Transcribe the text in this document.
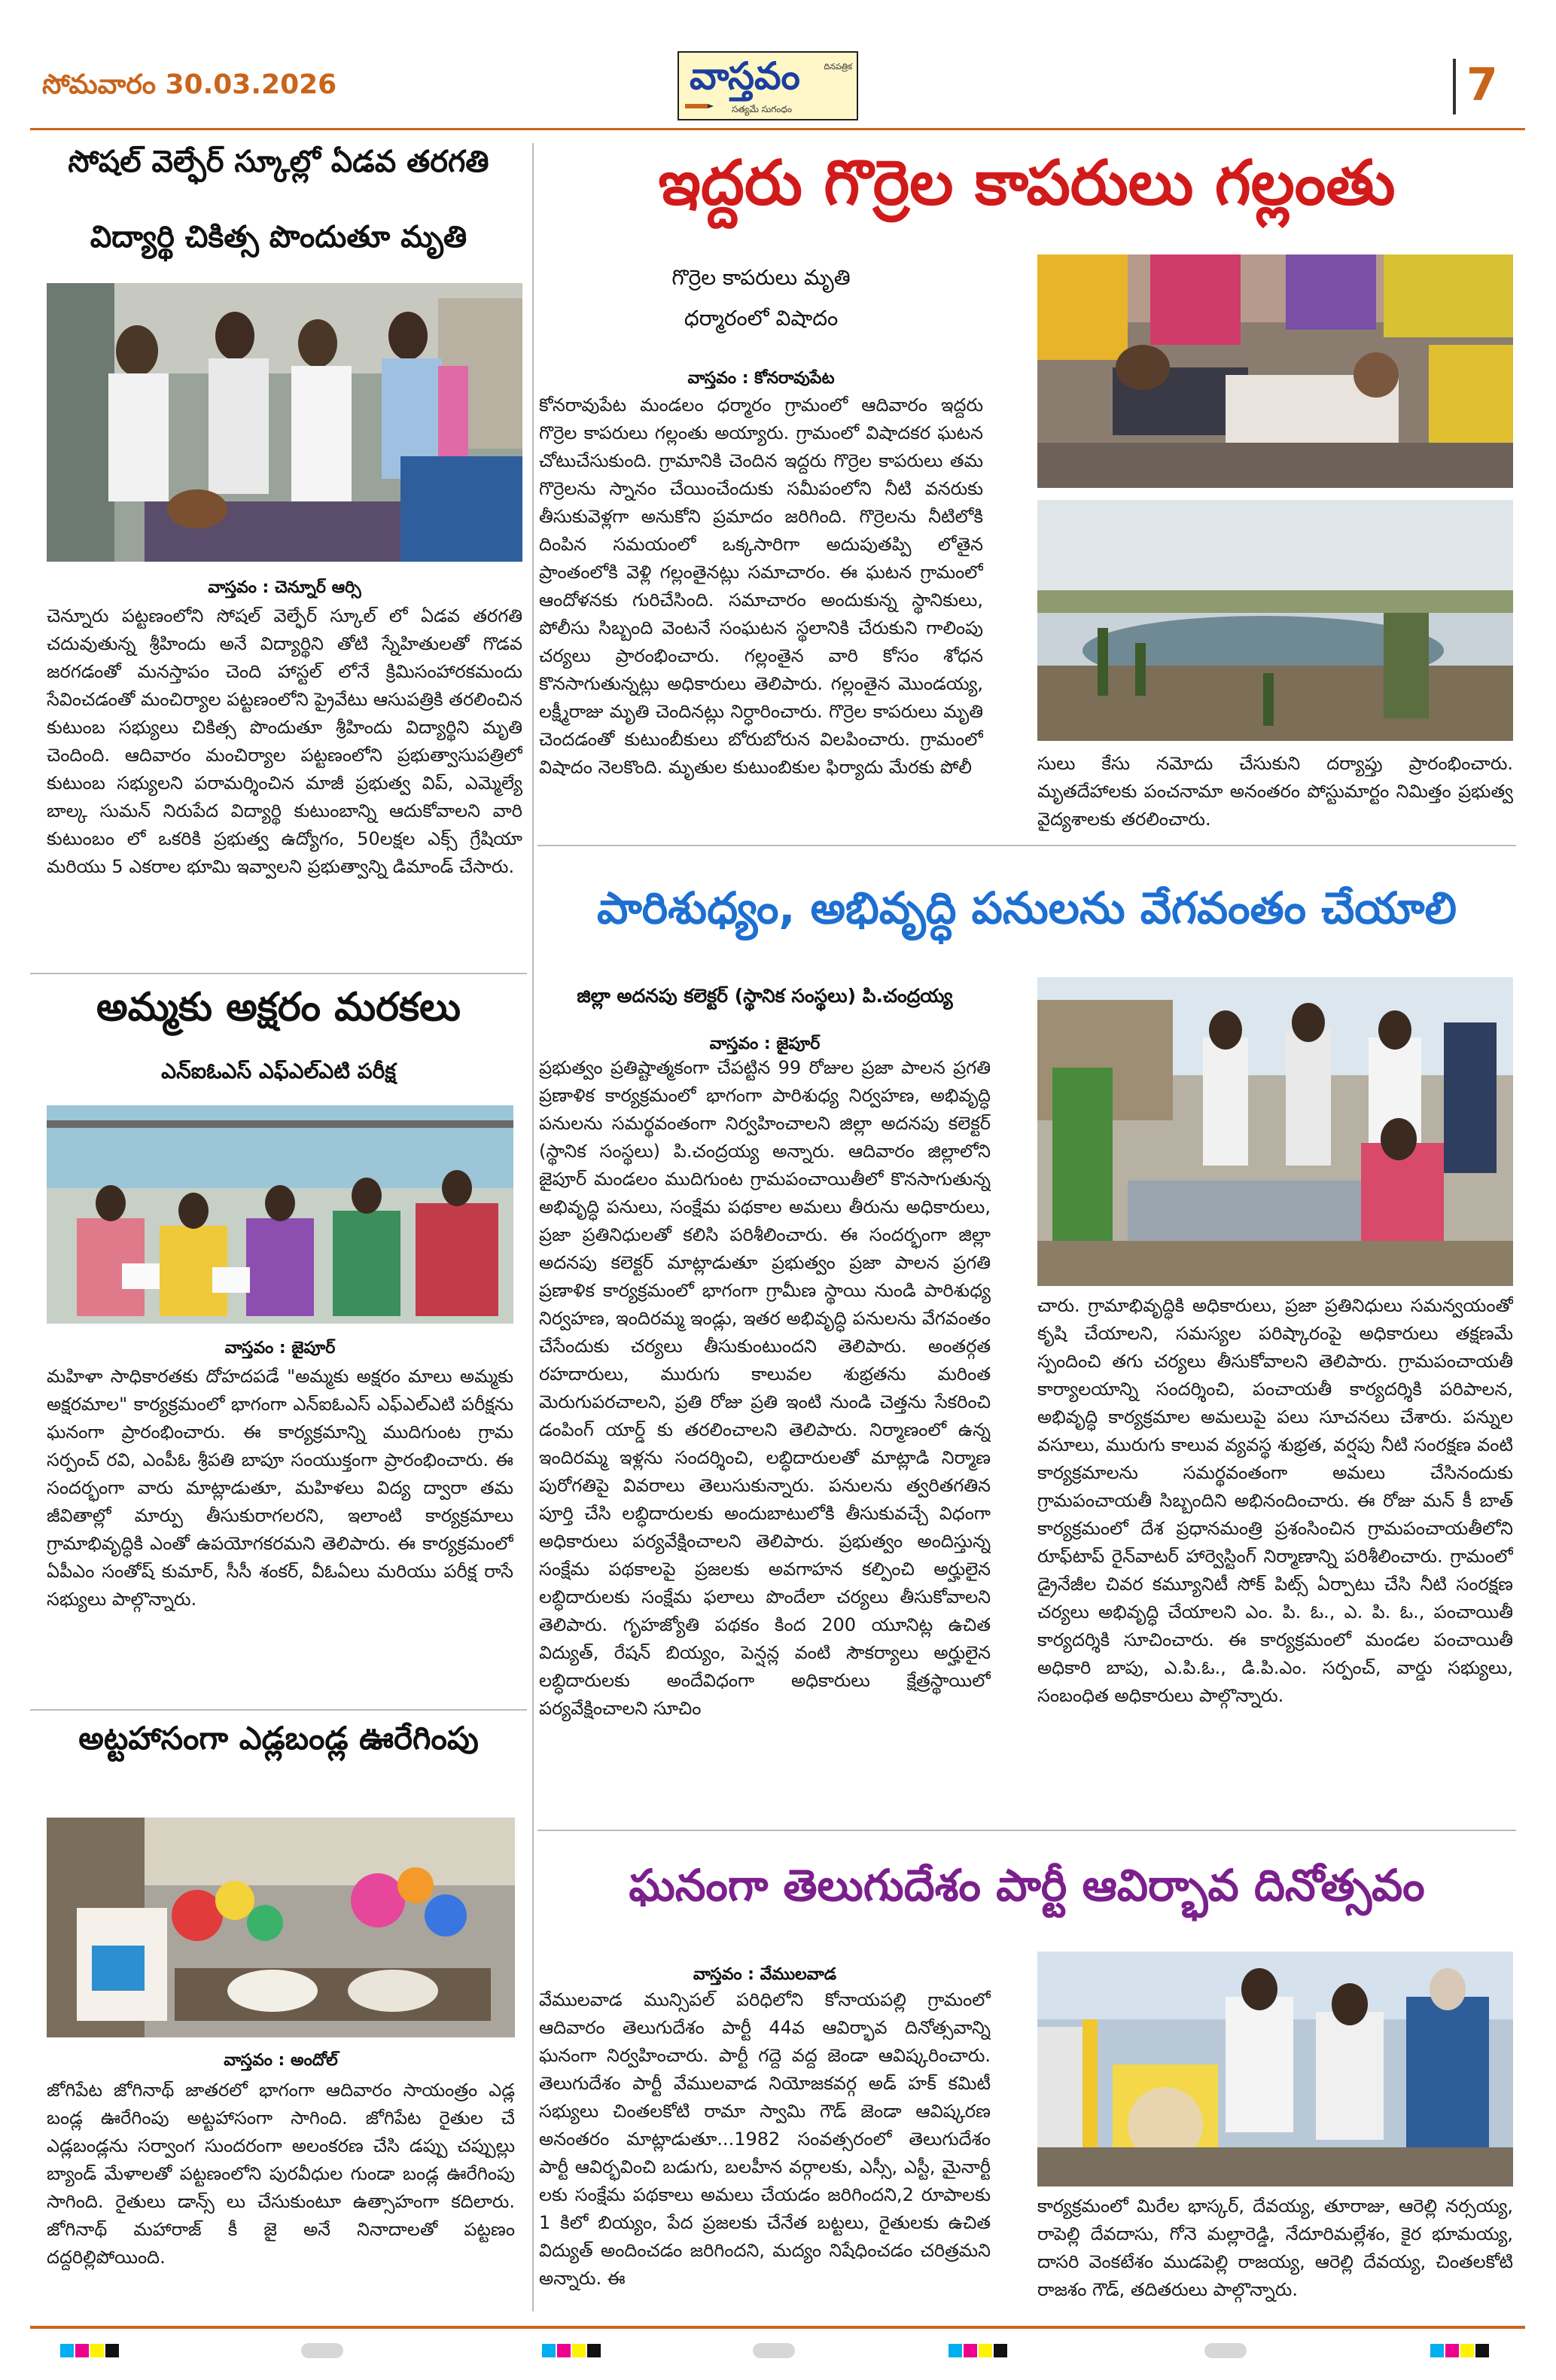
సోమవారం 30.03.2026	వాస్తవం	దినపత్రిక
సత్యమే సుగంధం	7
సోషల్ వెల్ఫేర్ స్కూల్లో ఏడవ తరగతి
విద్యార్థి చికిత్స పొందుతూ మృతి
వాస్తవం : చెన్నూర్ ఆర్సి
చెన్నూరు పట్టణంలోని సోషల్ వెల్ఫేర్ స్కూల్ లో ఏడవ తరగతి చదువుతున్న శ్రీహిందు అనే విద్యార్థిని తోటి స్నేహితులతో గొడవ జరగడంతో మనస్తాపం చెంది హాస్టల్ లోనే క్రిమిసంహారకమందు సేవించడంతో మంచిర్యాల పట్టణంలోని ప్రైవేటు ఆసుపత్రికి తరలించిన కుటుంబ సభ్యులు చికిత్స పొందుతూ శ్రీహిందు విద్యార్థిని మృతి చెందింది. ఆదివారం మంచిర్యాల పట్టణంలోని ప్రభుత్వాసుపత్రిలో కుటుంబ సభ్యులని పరామర్శించిన మాజీ ప్రభుత్వ విప్, ఎమ్మెల్యే బాల్క సుమన్ నిరుపేద విద్యార్థి కుటుంబాన్ని ఆదుకోవాలని వారి కుటుంబం లో ఒకరికి ప్రభుత్వ ఉద్యోగం, 50లక్షల ఎక్స్ గ్రేషియా మరియు 5 ఎకరాల భూమి ఇవ్వాలని ప్రభుత్వాన్ని డిమాండ్ చేసారు.
అమ్మకు అక్షరం మరకలు
ఎన్ఐఓఎస్ ఎఫ్ఎల్ఎటి పరీక్ష
వాస్తవం : జైపూర్
మహిళా సాధికారతకు దోహదపడే "అమ్మకు అక్షరం మాలు అమ్మకు అక్షరమాల" కార్యక్రమంలో భాగంగా ఎన్ఐఓఎస్ ఎఫ్ఎల్ఎటి పరీక్షను ఘనంగా ప్రారంభించారు. ఈ కార్యక్రమాన్ని ముదిగుంట గ్రామ సర్పంచ్ రవి, ఎంపీఓ శ్రీపతి బాపూ సంయుక్తంగా ప్రారంభించారు. ఈ సందర్భంగా వారు మాట్లాడుతూ, మహిళలు విద్య ద్వారా తమ జీవితాల్లో మార్పు తీసుకురాగలరని, ఇలాంటి కార్యక్రమాలు గ్రామాభివృద్ధికి ఎంతో ఉపయోగకరమని తెలిపారు. ఈ కార్యక్రమంలో ఏపీఎం సంతోష్ కుమార్, సీసీ శంకర్, వీఓఏలు మరియు పరీక్ష రాసే సభ్యులు పాల్గొన్నారు.
అట్టహాసంగా ఎడ్లబండ్ల ఊరేగింపు
వాస్తవం : అందోల్
జోగిపేట జోగినాథ్ జాతరలో భాగంగా ఆదివారం సాయంత్రం ఎడ్ల బండ్ల ఊరేగింపు అట్టహాసంగా సాగింది. జోగిపేట రైతుల చే ఎడ్లబండ్లను సర్వాంగ సుందరంగా అలంకరణ చేసి డప్పు చప్పుల్లు బ్యాండ్ మేళాలతో పట్టణంలోని పురవీధుల గుండా బండ్ల ఊరేగింపు సాగింది. రైతులు డాన్స్ లు చేసుకుంటూ ఉత్సాహంగా కదిలారు. జోగినాథ్ మహారాజ్ కీ జై అనే నినాదాలతో పట్టణం దద్దరిల్లిపోయింది.
ఇద్దరు గొర్రెల కాపరులు గల్లంతు
గొర్రెల కాపరులు మృతి
ధర్మారంలో విషాదం
వాస్తవం : కోనరావుపేట
కోనరావుపేట మండలం ధర్మారం గ్రామంలో ఆదివారం ఇద్దరు గొర్రెల కాపరులు గల్లంతు అయ్యారు. గ్రామంలో విషాదకర ఘటన చోటుచేసుకుంది. గ్రామానికి చెందిన ఇద్దరు గొర్రెల కాపరులు తమ గొర్రెలను స్నానం చేయించేందుకు సమీపంలోని నీటి వనరుకు తీసుకువెళ్లగా అనుకోని ప్రమాదం జరిగింది. గొర్రెలను నీటిలోకి దింపిన సమయంలో ఒక్కసారిగా అదుపుతప్పి లోతైన ప్రాంతంలోకి వెళ్లి గల్లంతైనట్లు సమాచారం. ఈ ఘటన గ్రామంలో ఆందోళనకు గురిచేసింది. సమాచారం అందుకున్న స్థానికులు, పోలీసు సిబ్బంది వెంటనే సంఘటన స్థలానికి చేరుకుని గాలింపు చర్యలు ప్రారంభించారు. గల్లంతైన వారి కోసం శోధన కొనసాగుతున్నట్లు అధికారులు తెలిపారు. గల్లంతైన మొండయ్య, లక్ష్మీరాజు మృతి చెందినట్లు నిర్ధారించారు. గొర్రెల కాపరులు మృతి చెందడంతో కుటుంబీకులు బోరుబోరున విలపించారు. గ్రామంలో విషాదం నెలకొంది. మృతుల కుటుంబికుల ఫిర్యాదు మేరకు పోలీ	సులు కేసు నమోదు చేసుకుని దర్యాప్తు ప్రారంభించారు. మృతదేహాలకు పంచనామా అనంతరం పోస్టుమార్టం నిమిత్తం ప్రభుత్వ వైద్యశాలకు తరలించారు.
పారిశుధ్యం, అభివృద్ధి పనులను వేగవంతం చేయాలి
జిల్లా అదనపు కలెక్టర్ (స్థానిక సంస్థలు) పి.చంద్రయ్య
వాస్తవం : జైపూర్
ప్రభుత్వం ప్రతిష్టాత్మకంగా చేపట్టిన 99 రోజుల ప్రజా పాలన ప్రగతి ప్రణాళిక కార్యక్రమంలో భాగంగా పారిశుధ్య నిర్వహణ, అభివృద్ధి పనులను సమర్థవంతంగా నిర్వహించాలని జిల్లా అదనపు కలెక్టర్ (స్థానిక సంస్థలు) పి.చంద్రయ్య అన్నారు. ఆదివారం జిల్లాలోని జైపూర్ మండలం ముదిగుంట గ్రామపంచాయితీలో కొనసాగుతున్న అభివృద్ధి పనులు, సంక్షేమ పథకాల అమలు తీరును అధికారులు, ప్రజా ప్రతినిధులతో కలిసి పరిశీలించారు. ఈ సందర్భంగా జిల్లా అదనపు కలెక్టర్ మాట్లాడుతూ ప్రభుత్వం ప్రజా పాలన ప్రగతి ప్రణాళిక కార్యక్రమంలో భాగంగా గ్రామీణ స్థాయి నుండి పారిశుధ్య నిర్వహణ, ఇందిరమ్మ ఇండ్లు, ఇతర అభివృద్ధి పనులను వేగవంతం చేసేందుకు చర్యలు తీసుకుంటుందని తెలిపారు. అంతర్గత రహదారులు, మురుగు కాలువల శుభ్రతను మరింత మెరుగుపరచాలని, ప్రతి రోజు ప్రతి ఇంటి నుండి చెత్తను సేకరించి డంపింగ్ యార్డ్ కు తరలించాలని తెలిపారు. నిర్మాణంలో ఉన్న ఇందిరమ్మ ఇళ్లను సందర్శించి, లబ్ధిదారులతో మాట్లాడి నిర్మాణ పురోగతిపై వివరాలు తెలుసుకున్నారు. పనులను త్వరితగతిన పూర్తి చేసి లబ్ధిదారులకు అందుబాటులోకి తీసుకువచ్చే విధంగా అధికారులు పర్యవేక్షించాలని తెలిపారు. ప్రభుత్వం అందిస్తున్న సంక్షేమ పథకాలపై ప్రజలకు అవగాహన కల్పించి అర్హులైన లబ్ధిదారులకు సంక్షేమ ఫలాలు పొందేలా చర్యలు తీసుకోవాలని తెలిపారు. గృహజ్యోతి పథకం కింద 200 యూనిట్ల ఉచిత విద్యుత్, రేషన్ బియ్యం, పెన్షన్ల వంటి సౌకర్యాలు అర్హులైన లబ్ధిదారులకు అందేవిధంగా అధికారులు క్షేత్రస్థాయిలో పర్యవేక్షించాలని సూచిం
చారు. గ్రామాభివృద్ధికి అధికారులు, ప్రజా ప్రతినిధులు సమన్వయంతో కృషి చేయాలని, సమస్యల పరిష్కారంపై అధికారులు తక్షణమే స్పందించి తగు చర్యలు తీసుకోవాలని తెలిపారు. గ్రామపంచాయతీ కార్యాలయాన్ని సందర్శించి, పంచాయతీ కార్యదర్శికి పరిపాలన, అభివృద్ధి కార్యక్రమాల అమలుపై పలు సూచనలు చేశారు. పన్నుల వసూలు, మురుగు కాలువ వ్యవస్థ శుభ్రత, వర్షపు నీటి సంరక్షణ వంటి కార్యక్రమాలను సమర్థవంతంగా అమలు చేసినందుకు గ్రామపంచాయతీ సిబ్బందిని అభినందించారు. ఈ రోజు మన్ కీ బాత్ కార్యక్రమంలో దేశ ప్రధానమంత్రి ప్రశంసించిన గ్రామపంచాయతీలోని రూఫ్‌టాప్ రైన్‌వాటర్ హార్వెస్టింగ్ నిర్మాణాన్ని పరిశీలించారు. గ్రామంలో డ్రైనేజీల చివర కమ్యూనిటీ సోక్ పిట్స్ ఏర్పాటు చేసి నీటి సంరక్షణ చర్యలు అభివృద్ధి చేయాలని ఎం. పి. ఓ., ఎ. పి. ఓ., పంచాయితీ కార్యదర్శికి సూచించారు. ఈ కార్యక్రమంలో మండల పంచాయితీ అధికారి బాపు, ఎ.పి.ఓ., డి.పి.ఎం. సర్పంచ్, వార్డు సభ్యులు, సంబంధిత అధికారులు పాల్గొన్నారు.
ఘనంగా తెలుగుదేశం పార్టీ ఆవిర్భావ దినోత్సవం
వాస్తవం : వేములవాడ
వేములవాడ మున్సిపల్ పరిధిలోని కోనాయపల్లి గ్రామంలో ఆదివారం తెలుగుదేశం పార్టీ 44వ ఆవిర్భావ దినోత్సవాన్ని ఘనంగా నిర్వహించారు. పార్టీ గద్దె వద్ద జెండా ఆవిష్కరించారు. తెలుగుదేశం పార్టీ వేములవాడ నియోజకవర్గ అడ్ హక్ కమిటీ సభ్యులు చింతలకోటి రామా స్వామి గౌడ్ జెండా ఆవిష్కరణ అనంతరం మాట్లాడుతూ...1982 సంవత్సరంలో తెలుగుదేశం పార్టీ ఆవిర్భవించి బడుగు, బలహీన వర్గాలకు, ఎస్సీ, ఎస్టీ, మైనార్టీ లకు సంక్షేమ పథకాలు అమలు చేయడం జరిగిందని,2 రూపాలకు 1 కిలో బియ్యం, పేద ప్రజలకు చేనేత బట్టలు, రైతులకు ఉచిత విద్యుత్ అందించడం జరిగిందని, మద్యం నిషేధించడం చరిత్రమని అన్నారు. ఈ
కార్యక్రమంలో మిరేల భాస్కర్, దేవయ్య, తూరాజు, ఆరెల్లి నర్సయ్య, రాపెల్లి దేవదాసు, గోనె మల్లారెడ్డి, నేదూరిమల్లేశం, కైర భూమయ్య, దాసరి వెంకటేశం ముడపెల్లి రాజయ్య, ఆరెల్లి దేవయ్య, చింతలకోటి రాజశం గౌడ్, తదితరులు పాల్గొన్నారు.
